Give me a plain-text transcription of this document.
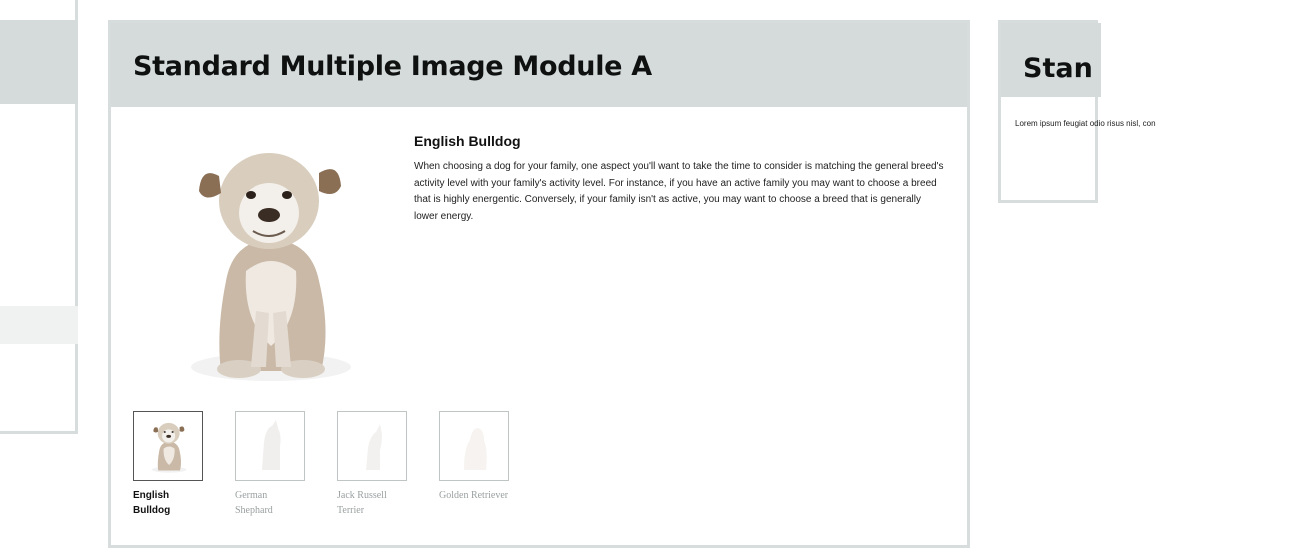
Standard Multiple Image Module A
English Bulldog
When choosing a dog for your family, one aspect you'll want to take the time to consider is matching the general breed's activity level with your family's activity level. For instance, if you have an active family you may want to choose a breed that is highly energentic. Conversely, if your family isn't as active, you may want to choose a breed that is generally lower energy.
English Bulldog
German Shephard
Jack Russell Terrier
Golden Retriever
Stan
Lorem ipsum feugiat odio risus nisl, con
